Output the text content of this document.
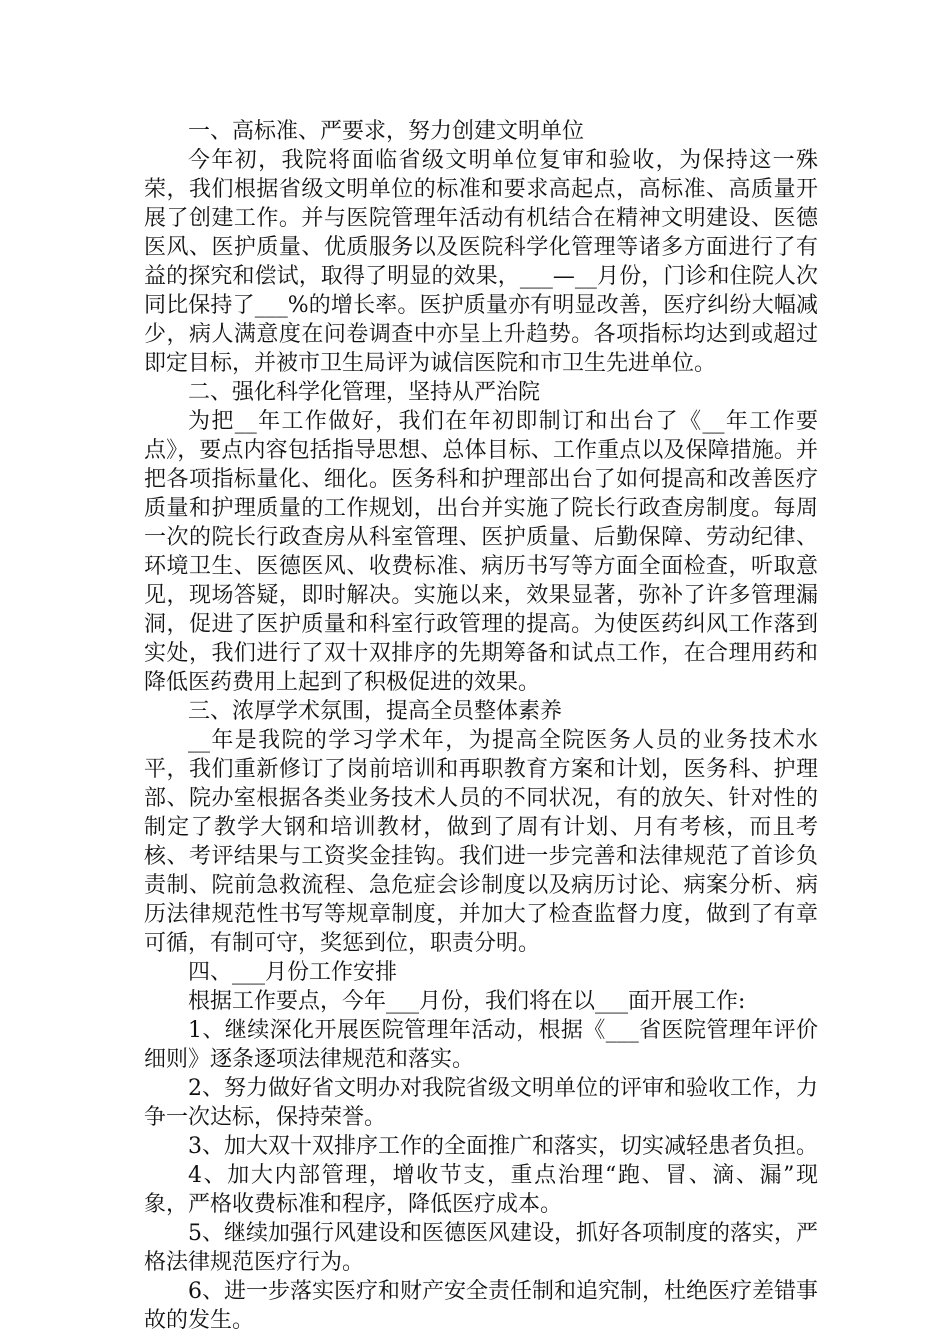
一、高标准、严要求，努力创建文明单位

今年初，我院将面临省级文明单位复审和验收，为保持这一殊荣，我们根据省级文明单位的标准和要求高起点，高标准、高质量开展了创建工作。并与医院管理年活动有机结合在精神文明建设、医德医风、医护质量、优质服务以及医院科学化管理等诸多方面进行了有益的探究和偿试，取得了明显的效果，___—__月份，门诊和住院人次同比保持了___%的增长率。医护质量亦有明显改善，医疗纠纷大幅减少，病人满意度在问卷调查中亦呈上升趋势。各项指标均达到或超过即定目标，并被市卫生局评为诚信医院和市卫生先进单位。

二、强化科学化管理，坚持从严治院

为把__年工作做好，我们在年初即制订和出台了《__年工作要点》，要点内容包括指导思想、总体目标、工作重点以及保障措施。并把各项指标量化、细化。医务科和护理部出台了如何提高和改善医疗质量和护理质量的工作规划，出台并实施了院长行政查房制度。每周一次的院长行政查房从科室管理、医护质量、后勤保障、劳动纪律、环境卫生、医德医风、收费标准、病历书写等方面全面检查，听取意见，现场答疑，即时解决。实施以来，效果显著，弥补了许多管理漏洞，促进了医护质量和科室行政管理的提高。为使医药纠风工作落到实处，我们进行了双十双排序的先期筹备和试点工作，在合理用药和降低医药费用上起到了积极促进的效果。

三、浓厚学术氛围，提高全员整体素养

__年是我院的学习学术年，为提高全院医务人员的业务技术水平，我们重新修订了岗前培训和再职教育方案和计划，医务科、护理部、院办室根据各类业务技术人员的不同状况，有的放矢、针对性的制定了教学大钢和培训教材，做到了周有计划、月有考核，而且考核、考评结果与工资奖金挂钩。我们进一步完善和法律规范了首诊负责制、院前急救流程、急危症会诊制度以及病历讨论、病案分析、病历法律规范性书写等规章制度，并加大了检查监督力度，做到了有章可循，有制可守，奖惩到位，职责分明。

四、___月份工作安排

根据工作要点，今年___月份，我们将在以___面开展工作:

1、继续深化开展医院管理年活动，根据《___省医院管理年评价细则》逐条逐项法律规范和落实。

2、努力做好省文明办对我院省级文明单位的评审和验收工作，力争一次达标，保持荣誉。

3、加大双十双排序工作的全面推广和落实，切实减轻患者负担。

4、加大内部管理，增收节支，重点治理“跑、冒、滴、漏”现象，严格收费标准和程序，降低医疗成本。

5、继续加强行风建设和医德医风建设，抓好各项制度的落实，严格法律规范医疗行为。

6、进一步落实医疗和财产安全责任制和追究制，杜绝医疗差错事故的发生。
